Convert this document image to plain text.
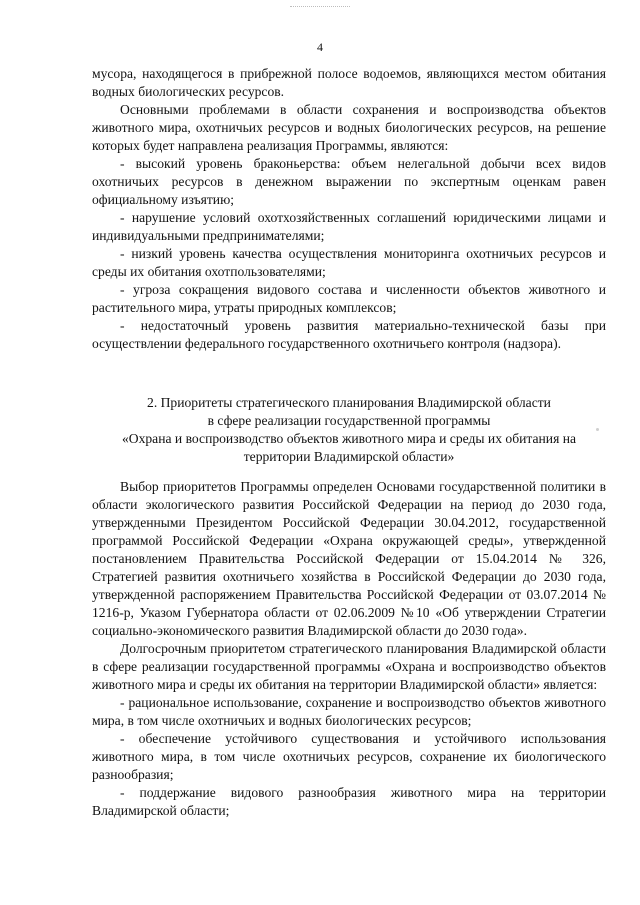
4

мусора, находящегося в прибрежной полосе водоемов, являющихся местом обитания водных биологических ресурсов.

Основными проблемами в области сохранения и воспроизводства объектов животного мира, охотничьих ресурсов и водных биологических ресурсов, на решение которых будет направлена реализация Программы, являются:

- высокий уровень браконьерства: объем нелегальной добычи всех видов охотничьих ресурсов в денежном выражении по экспертным оценкам равен официальному изъятию;

- нарушение условий охотхозяйственных соглашений юридическими лицами и индивидуальными предпринимателями;

- низкий уровень качества осуществления мониторинга охотничьих ресурсов и среды их обитания охотпользователями;

- угроза сокращения видового состава и численности объектов животного и растительного мира, утраты природных комплексов;

- недостаточный уровень развития материально-технической базы при осуществлении федерального государственного охотничьего контроля (надзора).

2. Приоритеты стратегического планирования Владимирской области
в сфере реализации государственной программы
«Охрана и воспроизводство объектов животного мира и среды их обитания на
территории Владимирской области»

Выбор приоритетов Программы определен Основами государственной политики в области экологического развития Российской Федерации на период до 2030 года, утвержденными Президентом Российской Федерации 30.04.2012, государственной программой Российской Федерации «Охрана окружающей среды», утвержденной постановлением Правительства Российской Федерации от 15.04.2014 № 326, Стратегией развития охотничьего хозяйства в Российской Федерации до 2030 года, утвержденной распоряжением Правительства Российской Федерации от 03.07.2014 № 1216-р, Указом Губернатора области от 02.06.2009 №10 «Об утверждении Стратегии социально-экономического развития Владимирской области до 2030 года».

Долгосрочным приоритетом стратегического планирования Владимирской области в сфере реализации государственной программы «Охрана и воспроизводство объектов животного мира и среды их обитания на территории Владимирской области» является:

- рациональное использование, сохранение и воспроизводство объектов животного мира, в том числе охотничьих и водных биологических ресурсов;

- обеспечение устойчивого существования и устойчивого использования животного мира, в том числе охотничьих ресурсов, сохранение их биологического разнообразия;

- поддержание видового разнообразия животного мира на территории Владимирской области;
